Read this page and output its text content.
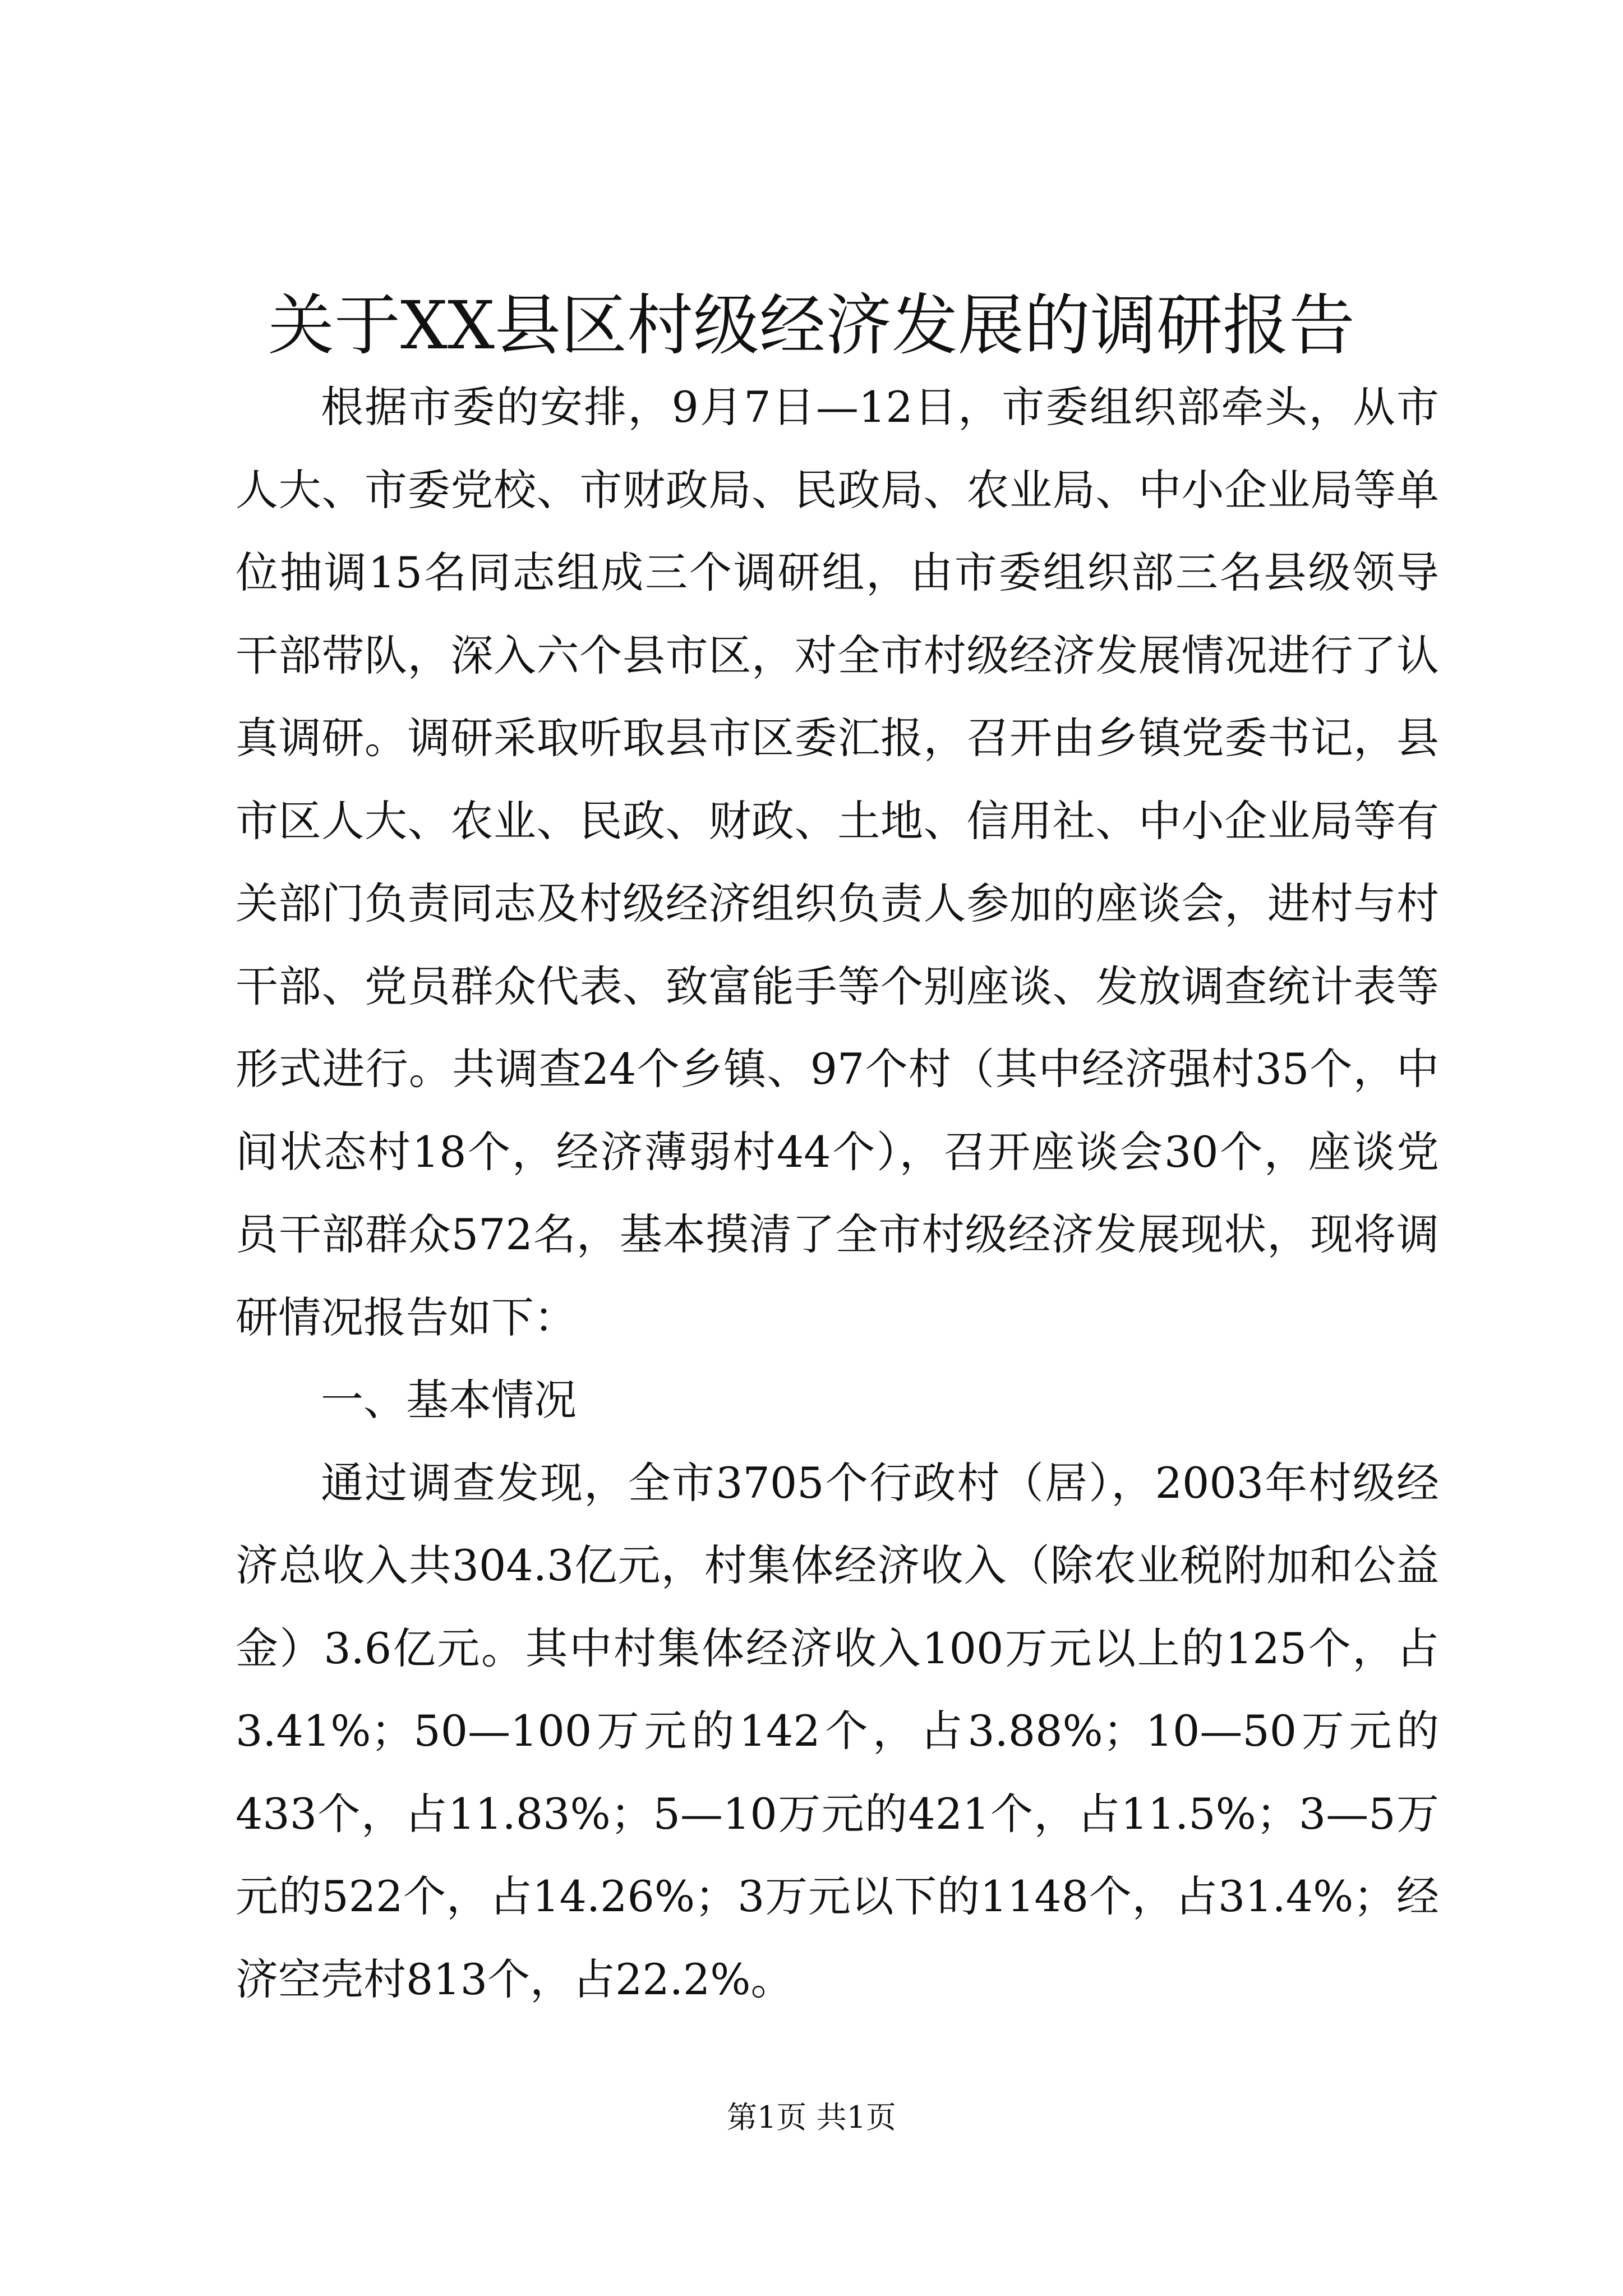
关于XX县区村级经济发展的调研报告

根据市委的安排，9月7日—12日，市委组织部牵头，从市人大、市委党校、市财政局、民政局、农业局、中小企业局等单位抽调15名同志组成三个调研组，由市委组织部三名县级领导干部带队，深入六个县市区，对全市村级经济发展情况进行了认真调研。调研采取听取县市区委汇报，召开由乡镇党委书记，县市区人大、农业、民政、财政、土地、信用社、中小企业局等有关部门负责同志及村级经济组织负责人参加的座谈会，进村与村干部、党员群众代表、致富能手等个别座谈、发放调查统计表等形式进行。共调查24个乡镇、97个村（其中经济强村35个，中间状态村18个，经济薄弱村44个），召开座谈会30个，座谈党员干部群众572名，基本摸清了全市村级经济发展现状，现将调研情况报告如下：

一、基本情况

通过调查发现，全市3705个行政村（居），2003年村级经济总收入共304.3亿元，村集体经济收入（除农业税附加和公益金）3.6亿元。其中村集体经济收入100万元以上的125个，占3.41%；50—100万元的142个，占3.88%；10—50万元的433个，占11.83%；5—10万元的421个，占11.5%；3—5万元的522个，占14.26%；3万元以下的1148个，占31.4%；经济空壳村813个，占22.2%。

第1页 共1页
